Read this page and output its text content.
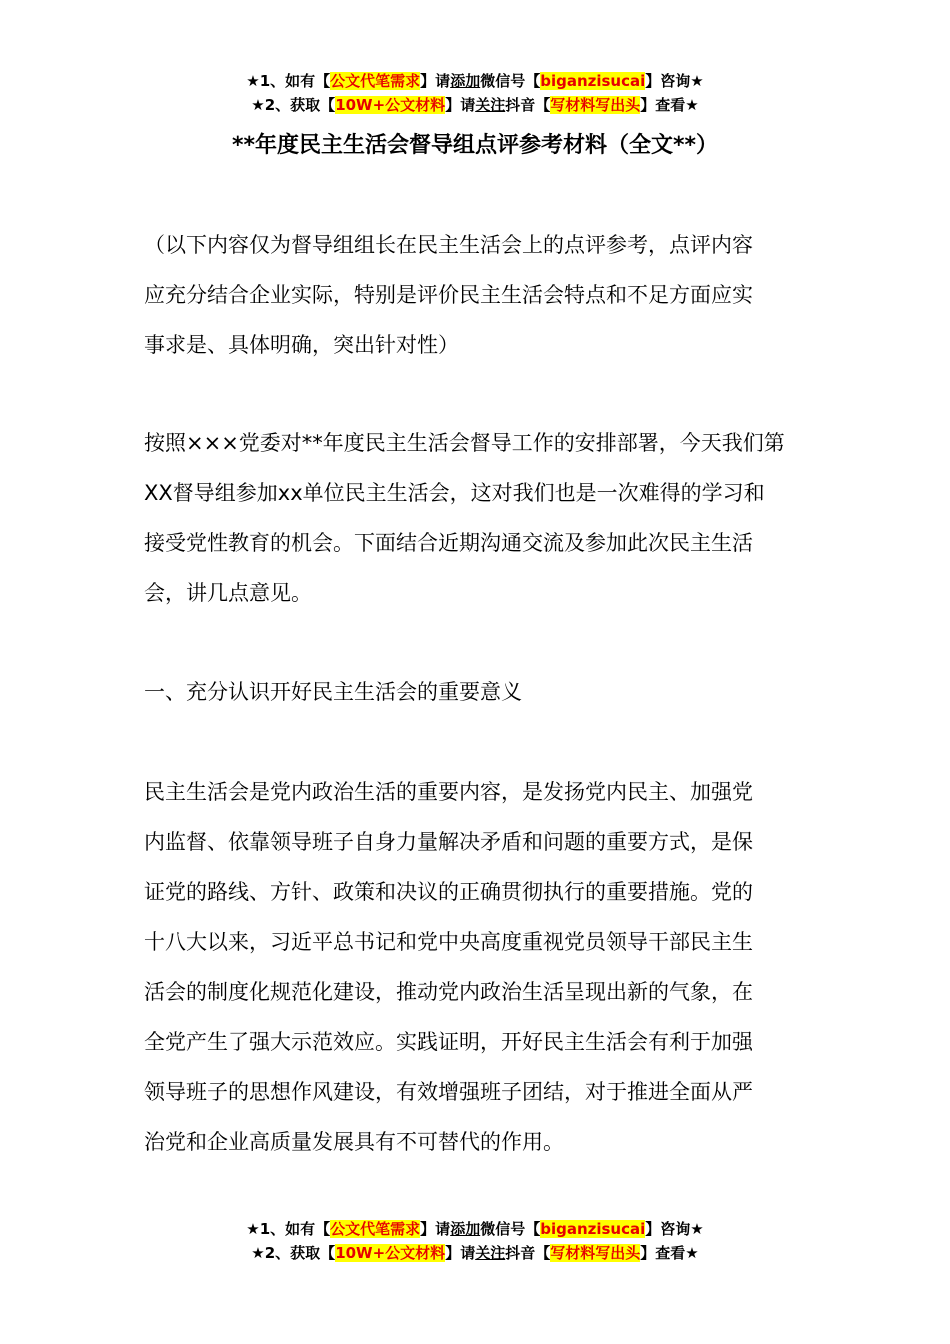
★1、如有【公文代笔需求】请添加微信号【biganzisucai】咨询★
★2、获取【10W+公文材料】请关注抖音【写材料写出头】查看★
**年度民主生活会督导组点评参考材料（全文**）
（以下内容仅为督导组组长在民主生活会上的点评参考，点评内容
应充分结合企业实际，特别是评价民主生活会特点和不足方面应实
事求是、具体明确，突出针对性）
按照×××党委对**年度民主生活会督导工作的安排部署，今天我们第
XX督导组参加xx单位民主生活会，这对我们也是一次难得的学习和
接受党性教育的机会。下面结合近期沟通交流及参加此次民主生活
会，讲几点意见。
一、充分认识开好民主生活会的重要意义
民主生活会是党内政治生活的重要内容，是发扬党内民主、加强党
内监督、依靠领导班子自身力量解决矛盾和问题的重要方式，是保
证党的路线、方针、政策和决议的正确贯彻执行的重要措施。党的
十八大以来，习近平总书记和党中央高度重视党员领导干部民主生
活会的制度化规范化建设，推动党内政治生活呈现出新的气象，在
全党产生了强大示范效应。实践证明，开好民主生活会有利于加强
领导班子的思想作风建设，有效增强班子团结，对于推进全面从严
治党和企业高质量发展具有不可替代的作用。
★1、如有【公文代笔需求】请添加微信号【biganzisucai】咨询★
★2、获取【10W+公文材料】请关注抖音【写材料写出头】查看★
